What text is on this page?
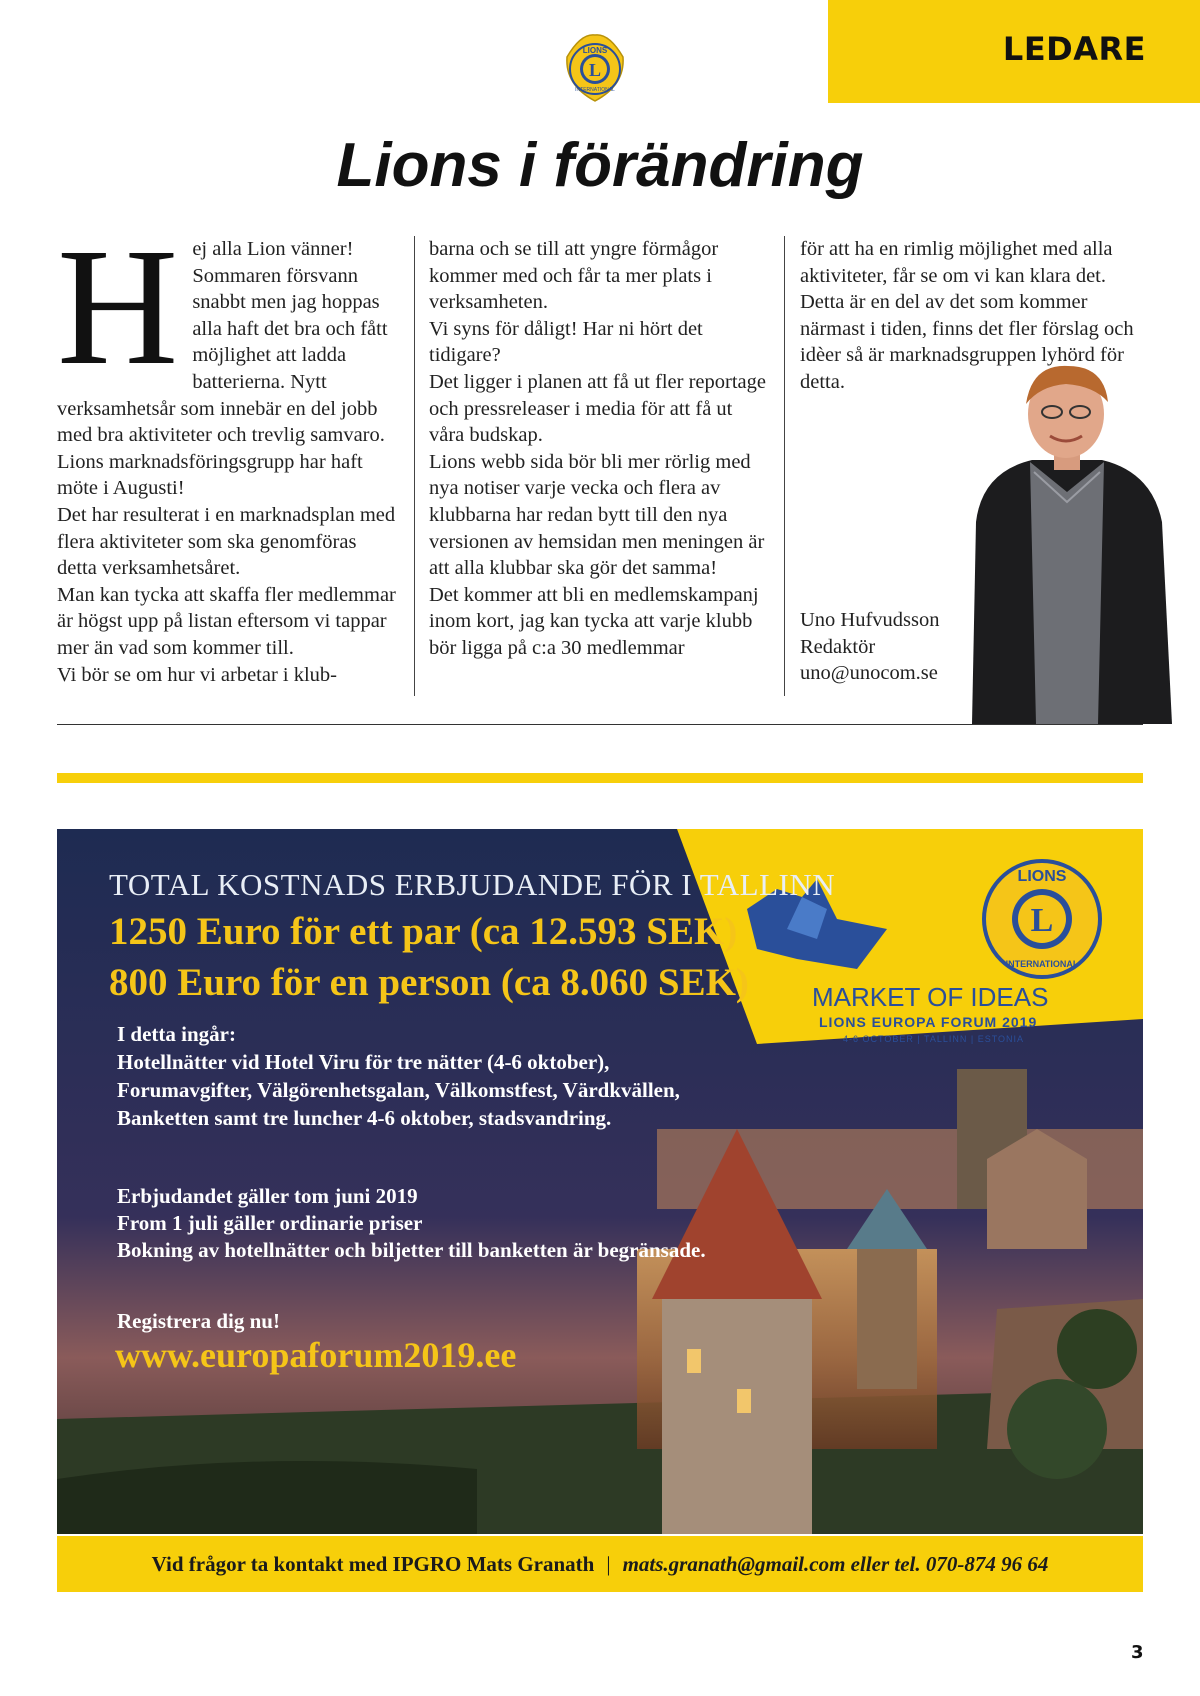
LEDARE
L
LIONS
INTERNATIONAL
Lions i förändring
H ej alla Lion vänner! Sommaren försvann snabbt men jag hoppas alla haft det bra och fått möjlighet att ladda batterierna. Nytt verksamhetsår som innebär en del jobb med bra aktiviteter och trevlig samvaro.

Lions marknadsföringsgrupp har haft möte i Augusti!

Det har resulterat i en marknadsplan med flera aktiviteter som ska genomföras detta verksamhetsåret.

Man kan tycka att skaffa fler medlemmar är högst upp på listan eftersom vi tappar mer än vad som kommer till.

Vi bör se om hur vi arbetar i klub-

barna och se till att yngre förmågor kommer med och får ta mer plats i verksamheten.

Vi syns för dåligt! Har ni hört det tidigare?

Det ligger i planen att få ut fler reportage och pressreleaser i media för att få ut våra budskap.

Lions webb sida bör bli mer rörlig med nya notiser varje vecka och flera av klubbarna har redan bytt till den nya versionen av hemsidan men meningen är att alla klubbar ska gör det samma!

Det kommer att bli en medlemskampanj inom kort, jag kan tycka att varje klubb bör ligga på c:a 30 medlemmar

för att ha en rimlig möjlighet med alla aktiviteter, får se om vi kan klara det. Detta är en del av det som kommer närmast i tiden, finns det fler förslag och idèer så är marknadsgruppen lyhörd för detta.

Uno Hufvudsson
Redaktör
uno@unocom.se
L
LIONS
INTERNATIONAL
TOTAL KOSTNADS ERBJUDANDE FÖR I TALLINN
1250 Euro för ett par (ca 12.593 SEK)
800 Euro för en person (ca 8.060 SEK)
I detta ingår:
Hotellnätter vid Hotel Viru för tre nätter (4-6 oktober),
Forumavgifter, Välgörenhetsgalan, Välkomstfest, Värdkvällen,
Banketten samt tre luncher 4-6 oktober, stadsvandring.
Erbjudandet gäller tom juni 2019
From 1 juli gäller ordinarie priser
Bokning av hotellnätter och biljetter till banketten är begränsade.
Registrera dig nu!
www.europaforum2019.ee
MARKET OF IDEAS
LIONS EUROPA FORUM 2019
4-6 OCTOBER | TALLINN | ESTONIA
Vid frågor ta kontakt med IPGRO Mats Granath | mats.granath@gmail.com eller tel. 070-874 96 64
3
